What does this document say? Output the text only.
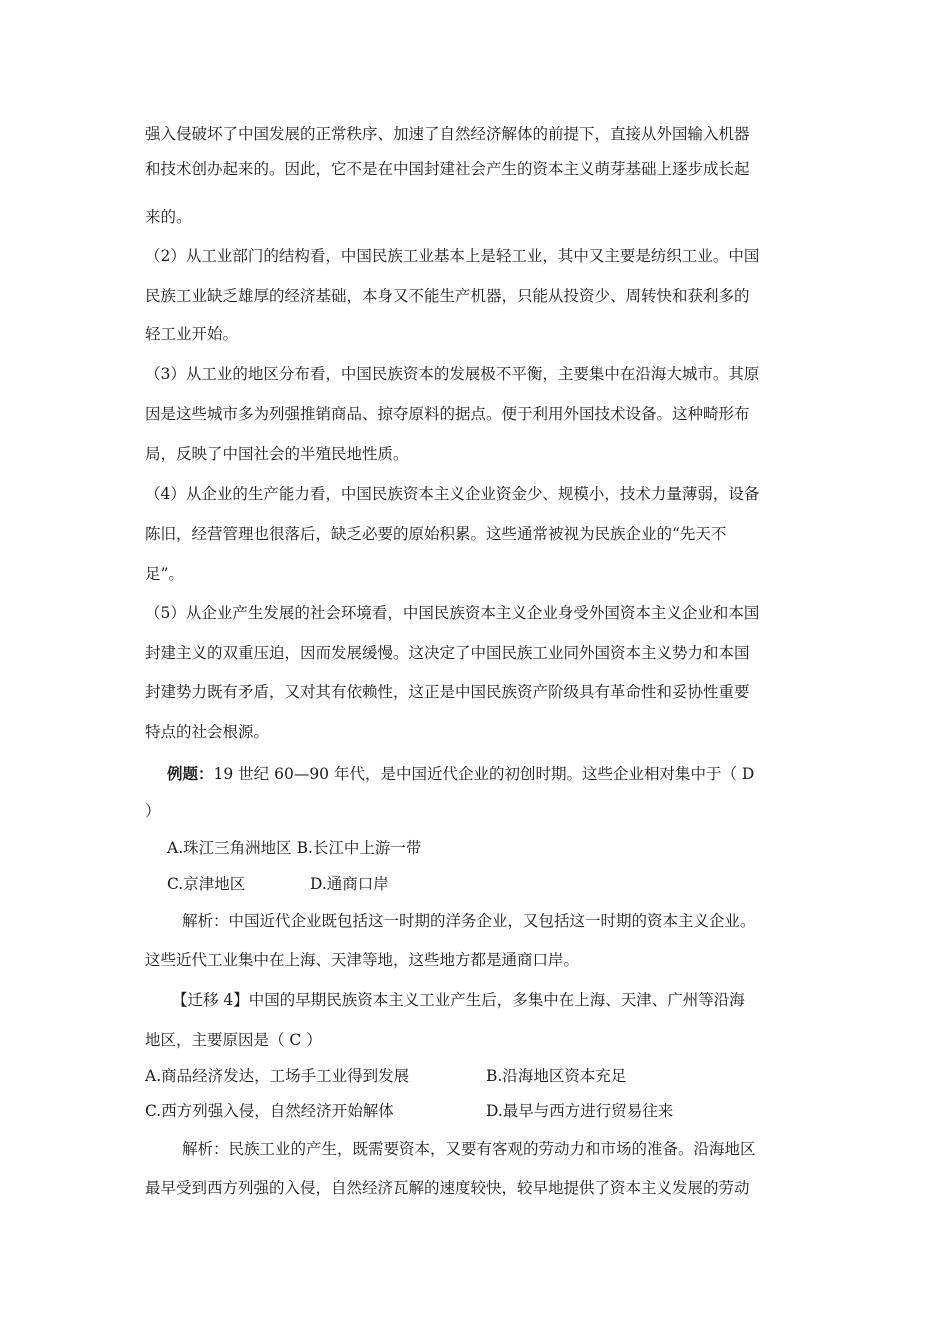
强入侵破坏了中国发展的正常秩序、加速了自然经济解体的前提下，直接从外国输入机器
和技术创办起来的。因此，它不是在中国封建社会产生的资本主义萌芽基础上逐步成长起
来的。
（2）从工业部门的结构看，中国民族工业基本上是轻工业，其中又主要是纺织工业。中国
民族工业缺乏雄厚的经济基础，本身又不能生产机器，只能从投资少、周转快和获利多的
轻工业开始。
（3）从工业的地区分布看，中国民族资本的发展极不平衡，主要集中在沿海大城市。其原
因是这些城市多为列强推销商品、掠夺原料的据点。便于利用外国技术设备。这种畸形布
局，反映了中国社会的半殖民地性质。
（4）从企业的生产能力看，中国民族资本主义企业资金少、规模小，技术力量薄弱，设备
陈旧，经营管理也很落后，缺乏必要的原始积累。这些通常被视为民族企业的“先天不
足”。
（5）从企业产生发展的社会环境看，中国民族资本主义企业身受外国资本主义企业和本国
封建主义的双重压迫，因而发展缓慢。这决定了中国民族工业同外国资本主义势力和本国
封建势力既有矛盾，又对其有依赖性，这正是中国民族资产阶级具有革命性和妥协性重要
特点的社会根源。
例题：19 世纪 60—90 年代，是中国近代企业的初创时期。这些企业相对集中于（ D
）
A.珠江三角洲地区 B.长江中上游一带
C.京津地区	D.通商口岸
解析：中国近代企业既包括这一时期的洋务企业，又包括这一时期的资本主义企业。
这些近代工业集中在上海、天津等地，这些地方都是通商口岸。
【迁移 4】中国的早期民族资本主义工业产生后，多集中在上海、天津、广州等沿海
地区，主要原因是（ C ）
A.商品经济发达，工场手工业得到发展	B.沿海地区资本充足
C.西方列强入侵，自然经济开始解体	D.最早与西方进行贸易往来
解析：民族工业的产生，既需要资本，又要有客观的劳动力和市场的准备。沿海地区
最早受到西方列强的入侵，自然经济瓦解的速度较快，较早地提供了资本主义发展的劳动
